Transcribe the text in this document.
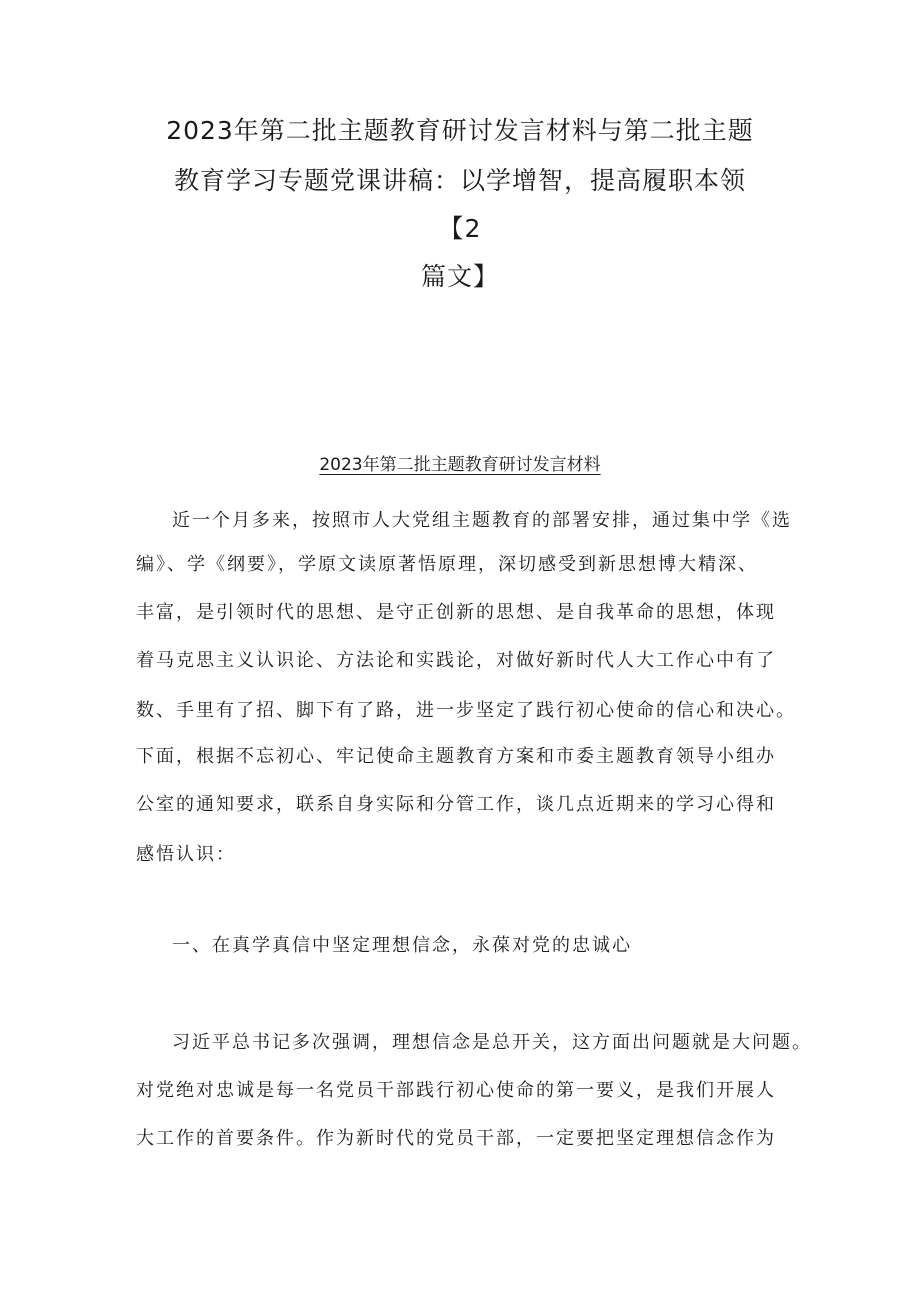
2023年第二批主题教育研讨发言材料与第二批主题
教育学习专题党课讲稿：以学增智，提高履职本领
【2
篇文】
2023年第二批主题教育研讨发言材料
近一个月多来，按照市人大党组主题教育的部署安排，通过集中学《选
编》、学《纲要》，学原文读原著悟原理，深切感受到新思想博大精深、
丰富，是引领时代的思想、是守正创新的思想、是自我革命的思想，体现
着马克思主义认识论、方法论和实践论，对做好新时代人大工作心中有了
数、手里有了招、脚下有了路，进一步坚定了践行初心使命的信心和决心。
下面，根据不忘初心、牢记使命主题教育方案和市委主题教育领导小组办
公室的通知要求，联系自身实际和分管工作，谈几点近期来的学习心得和
感悟认识：
一、在真学真信中坚定理想信念，永葆对党的忠诚心
习近平总书记多次强调，理想信念是总开关，这方面出问题就是大问题。
对党绝对忠诚是每一名党员干部践行初心使命的第一要义，是我们开展人
大工作的首要条件。作为新时代的党员干部，一定要把坚定理想信念作为
